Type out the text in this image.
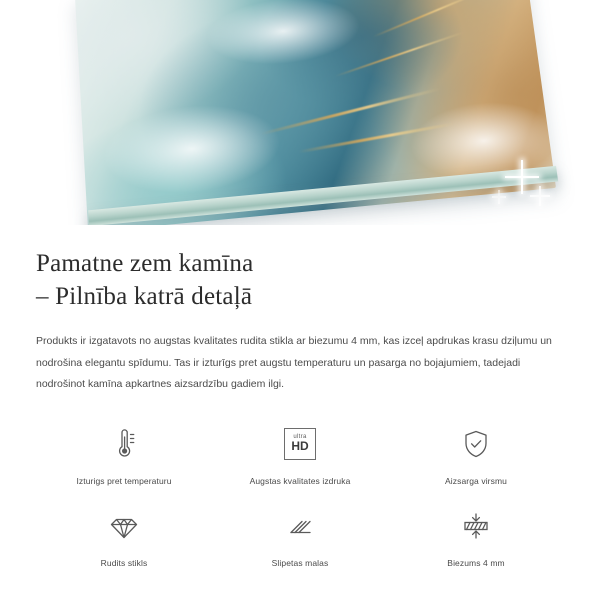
Pamatne zem kamīna
– Pilnība katrā detaļā

Produkts ir izgatavots no augstas kvalitates rudita stikla ar biezumu 4 mm, kas izceļ apdrukas krasu dziļumu un nodrošina elegantu spīdumu. Tas ir izturīgs pret augstu temperaturu un pasarga no bojajumiem, tadejadi nodrošinot kamīna apkartnes aizsardzību gadiem ilgi.

Izturigs pret temperaturu
ultra
HD
Augstas kvalitates izdruka	Aizsarga virsmu
Rudits stikls	Slipetas malas	Biezums 4 mm
